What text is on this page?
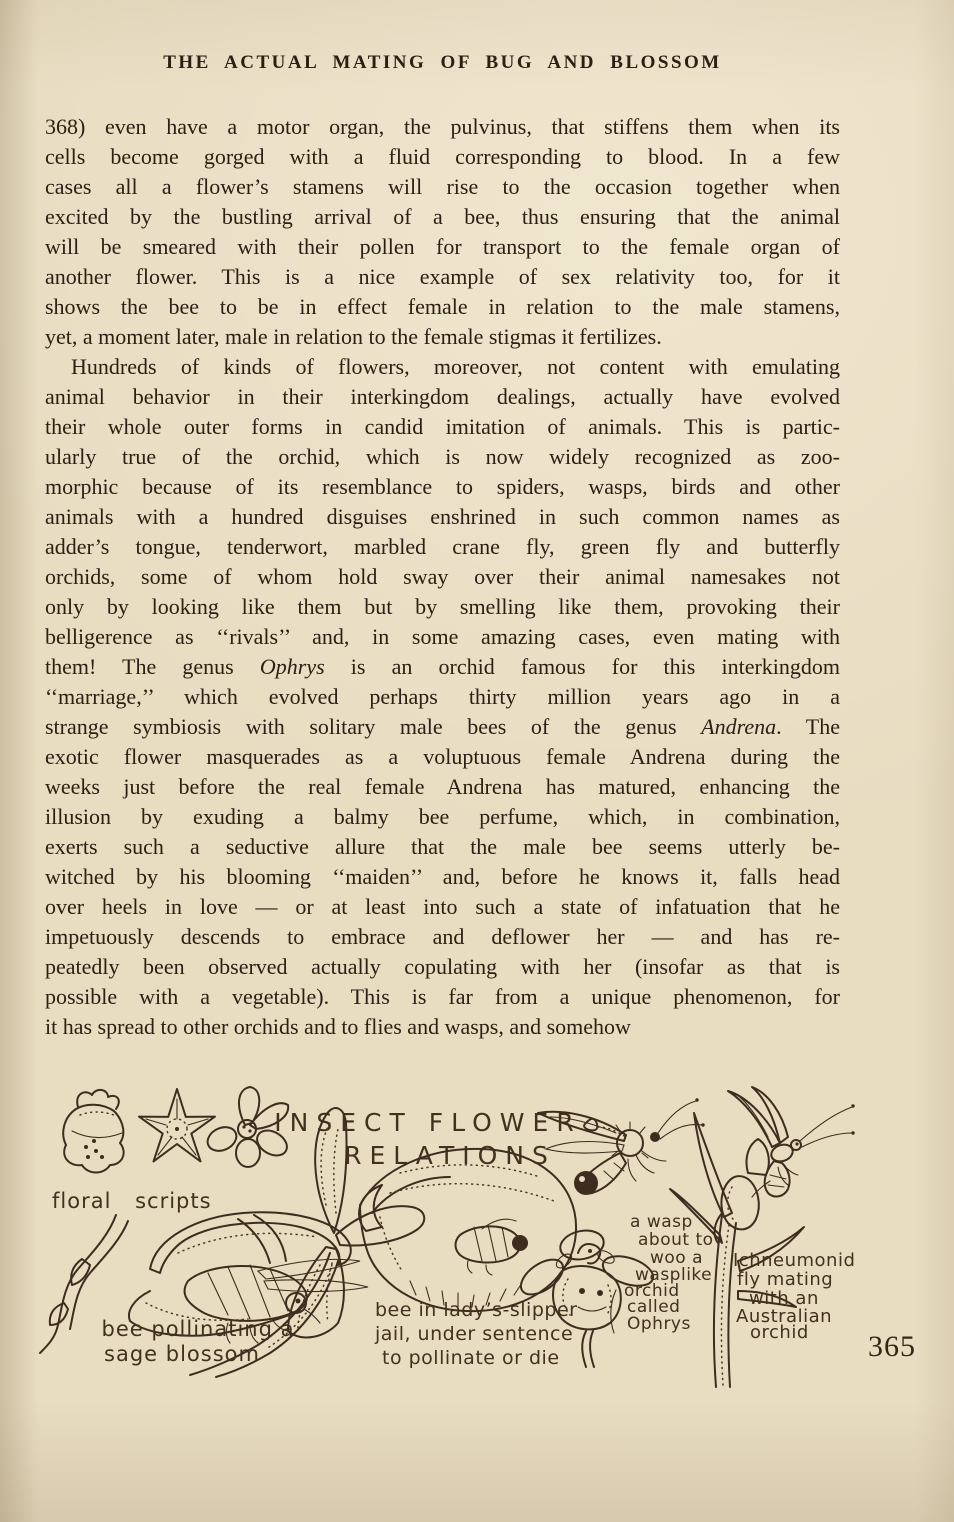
THE ACTUAL MATING OF BUG AND BLOSSOM
368) even have a motor organ, the pulvinus, that stiffens them when its
cells become gorged with a fluid corresponding to blood. In a few
cases all a flower’s stamens will rise to the occasion together when
excited by the bustling arrival of a bee, thus ensuring that the animal
will be smeared with their pollen for transport to the female organ of
another flower. This is a nice example of sex relativity too, for it
shows the bee to be in effect female in relation to the male stamens,
yet, a moment later, male in relation to the female stigmas it fertilizes.
Hundreds of kinds of flowers, moreover, not content with emulating
animal behavior in their interkingdom dealings, actually have evolved
their whole outer forms in candid imitation of animals. This is partic-
ularly true of the orchid, which is now widely recognized as zoo-
morphic because of its resemblance to spiders, wasps, birds and other
animals with a hundred disguises enshrined in such common names as
adder’s tongue, tenderwort, marbled crane fly, green fly and butterfly
orchids, some of whom hold sway over their animal namesakes not
only by looking like them but by smelling like them, provoking their
belligerence as ‘‘rivals’’ and, in some amazing cases, even mating with
them! The genus Ophrys is an orchid famous for this interkingdom
‘‘marriage,’’ which evolved perhaps thirty million years ago in a
strange symbiosis with solitary male bees of the genus Andrena. The
exotic flower masquerades as a voluptuous female Andrena during the
weeks just before the real female Andrena has matured, enhancing the
illusion by exuding a balmy bee perfume, which, in combination,
exerts such a seductive allure that the male bee seems utterly be-
witched by his blooming ‘‘maiden’’ and, before he knows it, falls head
over heels in love — or at least into such a state of infatuation that he
impetuously descends to embrace and deflower her — and has re-
peatedly been observed actually copulating with her (insofar as that is
possible with a vegetable). This is far from a unique phenomenon, for
it has spread to other orchids and to flies and wasps, and somehow
floral scripts
bee pollinating a
sage blossom
INSECT FLOWER
RELATIONS
bee in lady’s-slipper
jail, under sentence
to pollinate or die
a wasp
about to
woo a
wasplike
orchid
called
Ophrys
Ichneumonid
fly mating
with an
Australian
orchid 365
